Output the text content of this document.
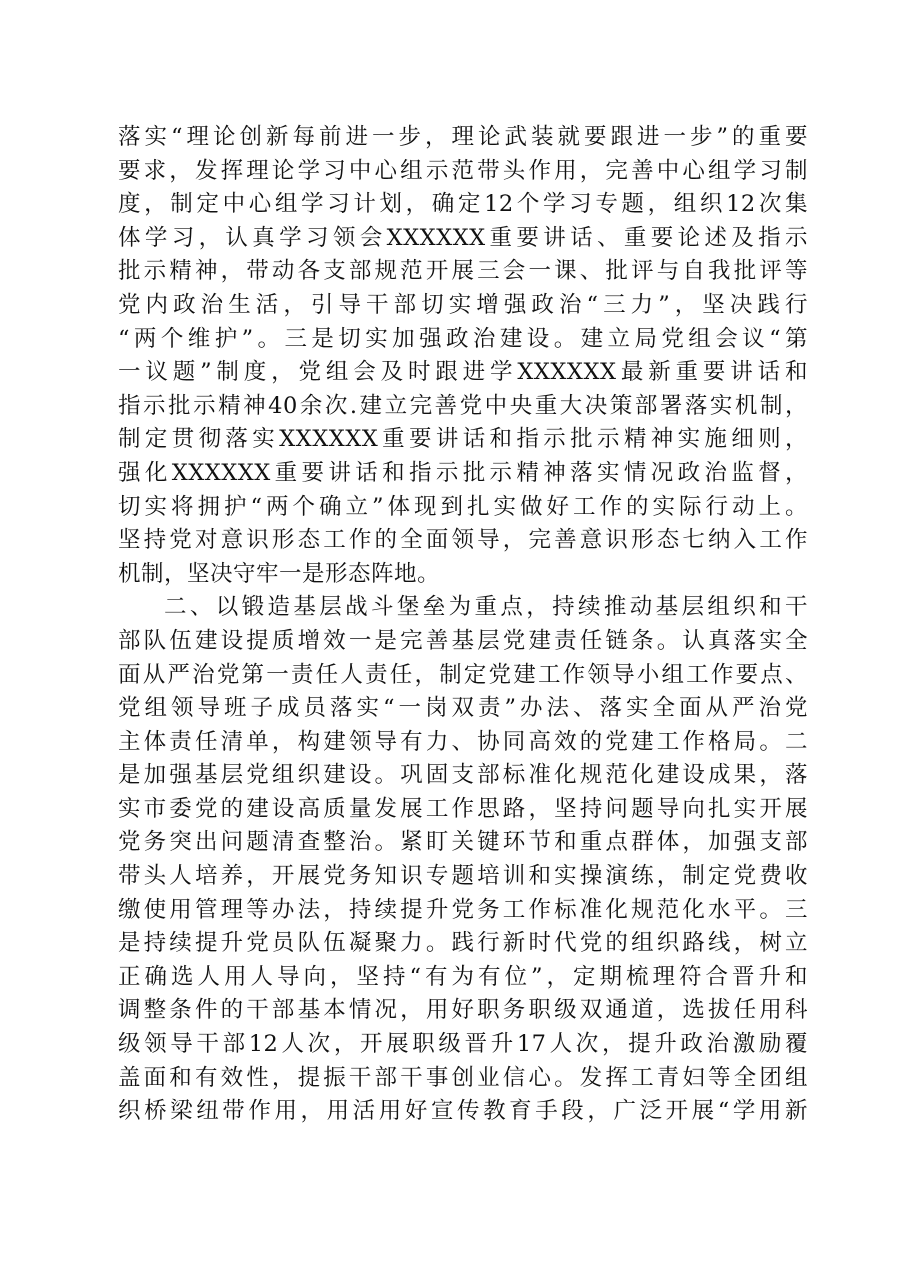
落实“理论创新每前进一步，理论武装就要跟进一步”的重要
要求，发挥理论学习中心组示范带头作用，完善中心组学习制
度，制定中心组学习计划，确定12个学习专题，组织12次集
体学习，认真学习领会XXXXXX重要讲话、重要论述及指示
批示精神，带动各支部规范开展三会一课、批评与自我批评等
党内政治生活，引导干部切实增强政治“三力”，坚决践行
“两个维护”。三是切实加强政治建设。建立局党组会议“第
一议题”制度，党组会及时跟进学XXXXXX最新重要讲话和
指示批示精神40余次.建立完善党中央重大决策部署落实机制，
制定贯彻落实XXXXXX重要讲话和指示批示精神实施细则，
强化XXXXXX重要讲话和指示批示精神落实情况政治监督，
切实将拥护“两个确立”体现到扎实做好工作的实际行动上。
坚持党对意识形态工作的全面领导，完善意识形态七纳入工作
机制，坚决守牢一是形态阵地。
二、以锻造基层战斗堡垒为重点，持续推动基层组织和干
部队伍建设提质增效一是完善基层党建责任链条。认真落实全
面从严治党第一责任人责任，制定党建工作领导小组工作要点、
党组领导班子成员落实“一岗双责”办法、落实全面从严治党
主体责任清单，构建领导有力、协同高效的党建工作格局。二
是加强基层党组织建设。巩固支部标准化规范化建设成果，落
实市委党的建设高质量发展工作思路，坚持问题导向扎实开展
党务突出问题清查整治。紧盯关键环节和重点群体，加强支部
带头人培养，开展党务知识专题培训和实操演练，制定党费收
缴使用管理等办法，持续提升党务工作标准化规范化水平。三
是持续提升党员队伍凝聚力。践行新时代党的组织路线，树立
正确选人用人导向，坚持“有为有位”，定期梳理符合晋升和
调整条件的干部基本情况，用好职务职级双通道，选拔任用科
级领导干部12人次，开展职级晋升17人次，提升政治激励覆
盖面和有效性，提振干部干事创业信心。发挥工青妇等全团组
织桥梁纽带作用，用活用好宣传教育手段，广泛开展“学用新
